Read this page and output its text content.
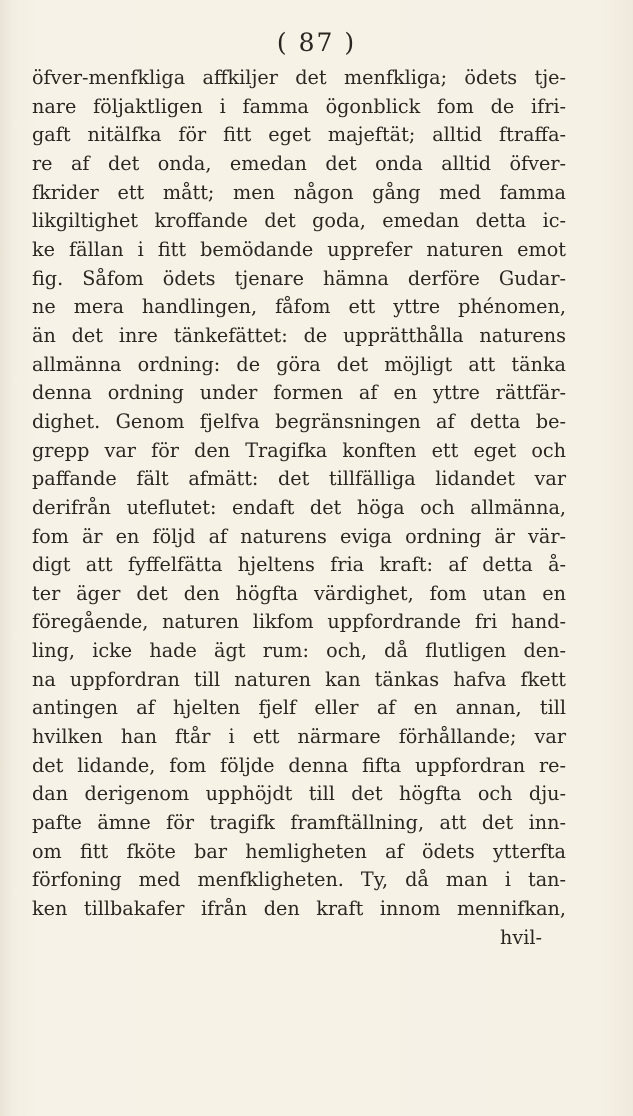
( 87 )
öfver-menfkliga affkiljer det menfkliga; ödets tje-
nare följaktligen i famma ögonblick fom de ifri-
gaft nitälfka för fitt eget majeftät; alltid ftraffa-
re af det onda, emedan det onda alltid öfver-
fkrider ett mått; men någon gång med famma
likgiltighet kroffande det goda, emedan detta ic-
ke fällan i fitt bemödande upprefer naturen emot
fig. Såfom ödets tjenare hämna derföre Gudar-
ne mera handlingen, fåfom ett yttre phénomen,
än det inre tänkefättet: de upprätthålla naturens
allmänna ordning: de göra det möjligt att tänka
denna ordning under formen af en yttre rättfär-
dighet. Genom fjelfva begränsningen af detta be-
grepp var för den Tragifka konften ett eget och
paffande fält afmätt: det tillfälliga lidandet var
derifrån uteflutet: endaft det höga och allmänna,
fom är en följd af naturens eviga ordning är vär-
digt att fyffelfätta hjeltens fria kraft: af detta å-
ter äger det den högfta värdighet, fom utan en
föregående, naturen likfom uppfordrande fri hand-
ling, icke hade ägt rum: och, då flutligen den-
na uppfordran till naturen kan tänkas hafva fkett
antingen af hjelten fjelf eller af en annan, till
hvilken han ftår i ett närmare förhållande; var
det lidande, fom följde denna fifta uppfordran re-
dan derigenom upphöjdt till det högfta och dju-
pafte ämne för tragifk framftällning, att det inn-
om fitt fköte bar hemligheten af ödets ytterfta
förfoning med menfkligheten. Ty, då man i tan-
ken tillbakafer ifrån den kraft innom mennifkan,
hvil-
